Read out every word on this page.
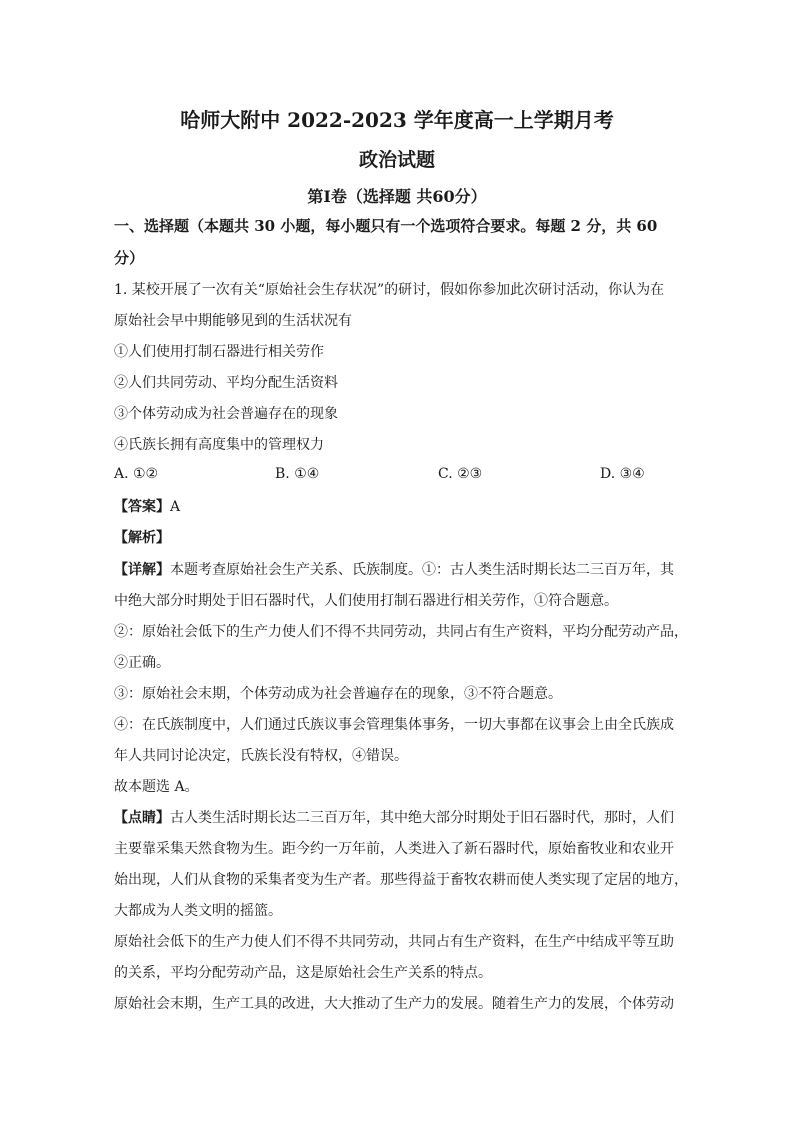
哈师大附中 2022-2023 学年度高一上学期月考
政治试题
第Ⅰ卷（选择题 共60分）
一、选择题（本题共 30 小题，每小题只有一个选项符合要求。每题 2 分，共 60
分）
1. 某校开展了一次有关“原始社会生存状况”的研讨，假如你参加此次研讨活动，你认为在
原始社会早中期能够见到的生活状况有
①人们使用打制石器进行相关劳作
②人们共同劳动、平均分配生活资料
③个体劳动成为社会普遍存在的现象
④氏族长拥有高度集中的管理权力
A. ①②	B. ①④	C. ②③	D. ③④
【答案】A
【解析】
【详解】本题考查原始社会生产关系、氏族制度。①：古人类生活时期长达二三百万年，其
中绝大部分时期处于旧石器时代，人们使用打制石器进行相关劳作，①符合题意。
②：原始社会低下的生产力使人们不得不共同劳动，共同占有生产资料，平均分配劳动产品，
②正确。
③：原始社会末期，个体劳动成为社会普遍存在的现象，③不符合题意。
④：在氏族制度中，人们通过氏族议事会管理集体事务，一切大事都在议事会上由全氏族成
年人共同讨论决定，氏族长没有特权，④错误。
故本题选 A。
【点睛】古人类生活时期长达二三百万年，其中绝大部分时期处于旧石器时代，那时，人们
主要靠采集天然食物为生。距今约一万年前，人类进入了新石器时代，原始畜牧业和农业开
始出现，人们从食物的采集者变为生产者。那些得益于畜牧农耕而使人类实现了定居的地方，
大都成为人类文明的摇篮。
原始社会低下的生产力使人们不得不共同劳动，共同占有生产资料，在生产中结成平等互助
的关系，平均分配劳动产品，这是原始社会生产关系的特点。
原始社会末期，生产工具的改进，大大推动了生产力的发展。随着生产力的发展，个体劳动
